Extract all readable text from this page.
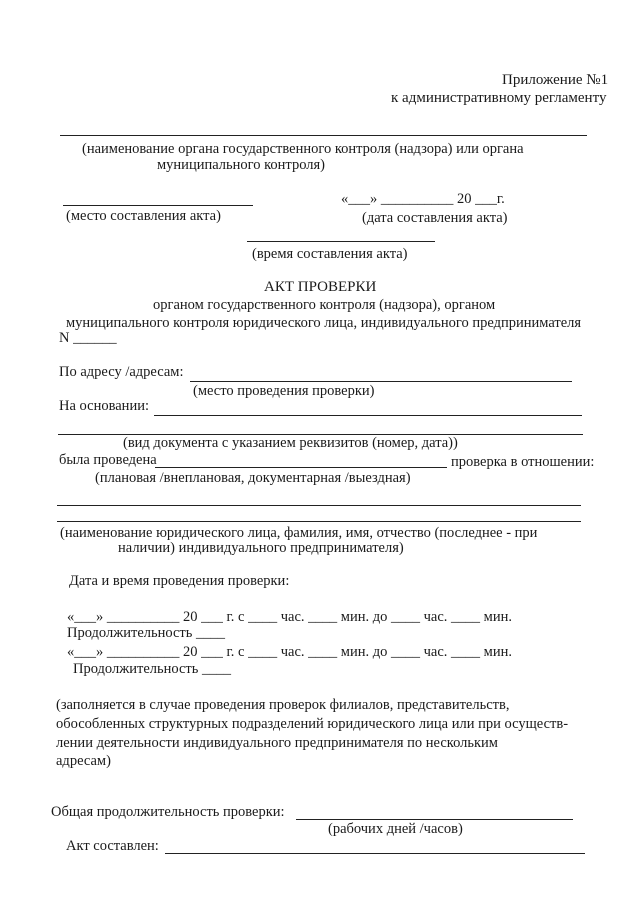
Приложение №1
к административному регламенту
(наименование органа государственного контроля (надзора) или органа
муниципального контроля)
«___» __________ 20 ___г.
(место составления акта)	(дата составления акта)
(время составления акта)
АКТ ПРОВЕРКИ
органом государственного контроля (надзора), органом
муниципального контроля юридического лица, индивидуального предпринимателя
N ______
По адресу /адресам:
(место проведения проверки)
На основании:
(вид документа с указанием реквизитов (номер, дата))
была проведена	проверка в отношении:
(плановая /внеплановая, документарная /выездная)
(наименование юридического лица, фамилия, имя, отчество (последнее - при
наличии) индивидуального предпринимателя)
Дата и время проведения проверки:
«___» __________ 20 ___ г. с ____ час. ____ мин. до ____ час. ____ мин.
Продолжительность ____
«___» __________ 20 ___ г. с ____ час. ____ мин. до ____ час. ____ мин.
Продолжительность ____
(заполняется в случае проведения проверок филиалов, представительств,
обособленных структурных подразделений юридического лица или при осуществ-
лении деятельности индивидуального предпринимателя по нескольким
адресам)
Общая продолжительность проверки:
(рабочих дней /часов)
Акт составлен:
